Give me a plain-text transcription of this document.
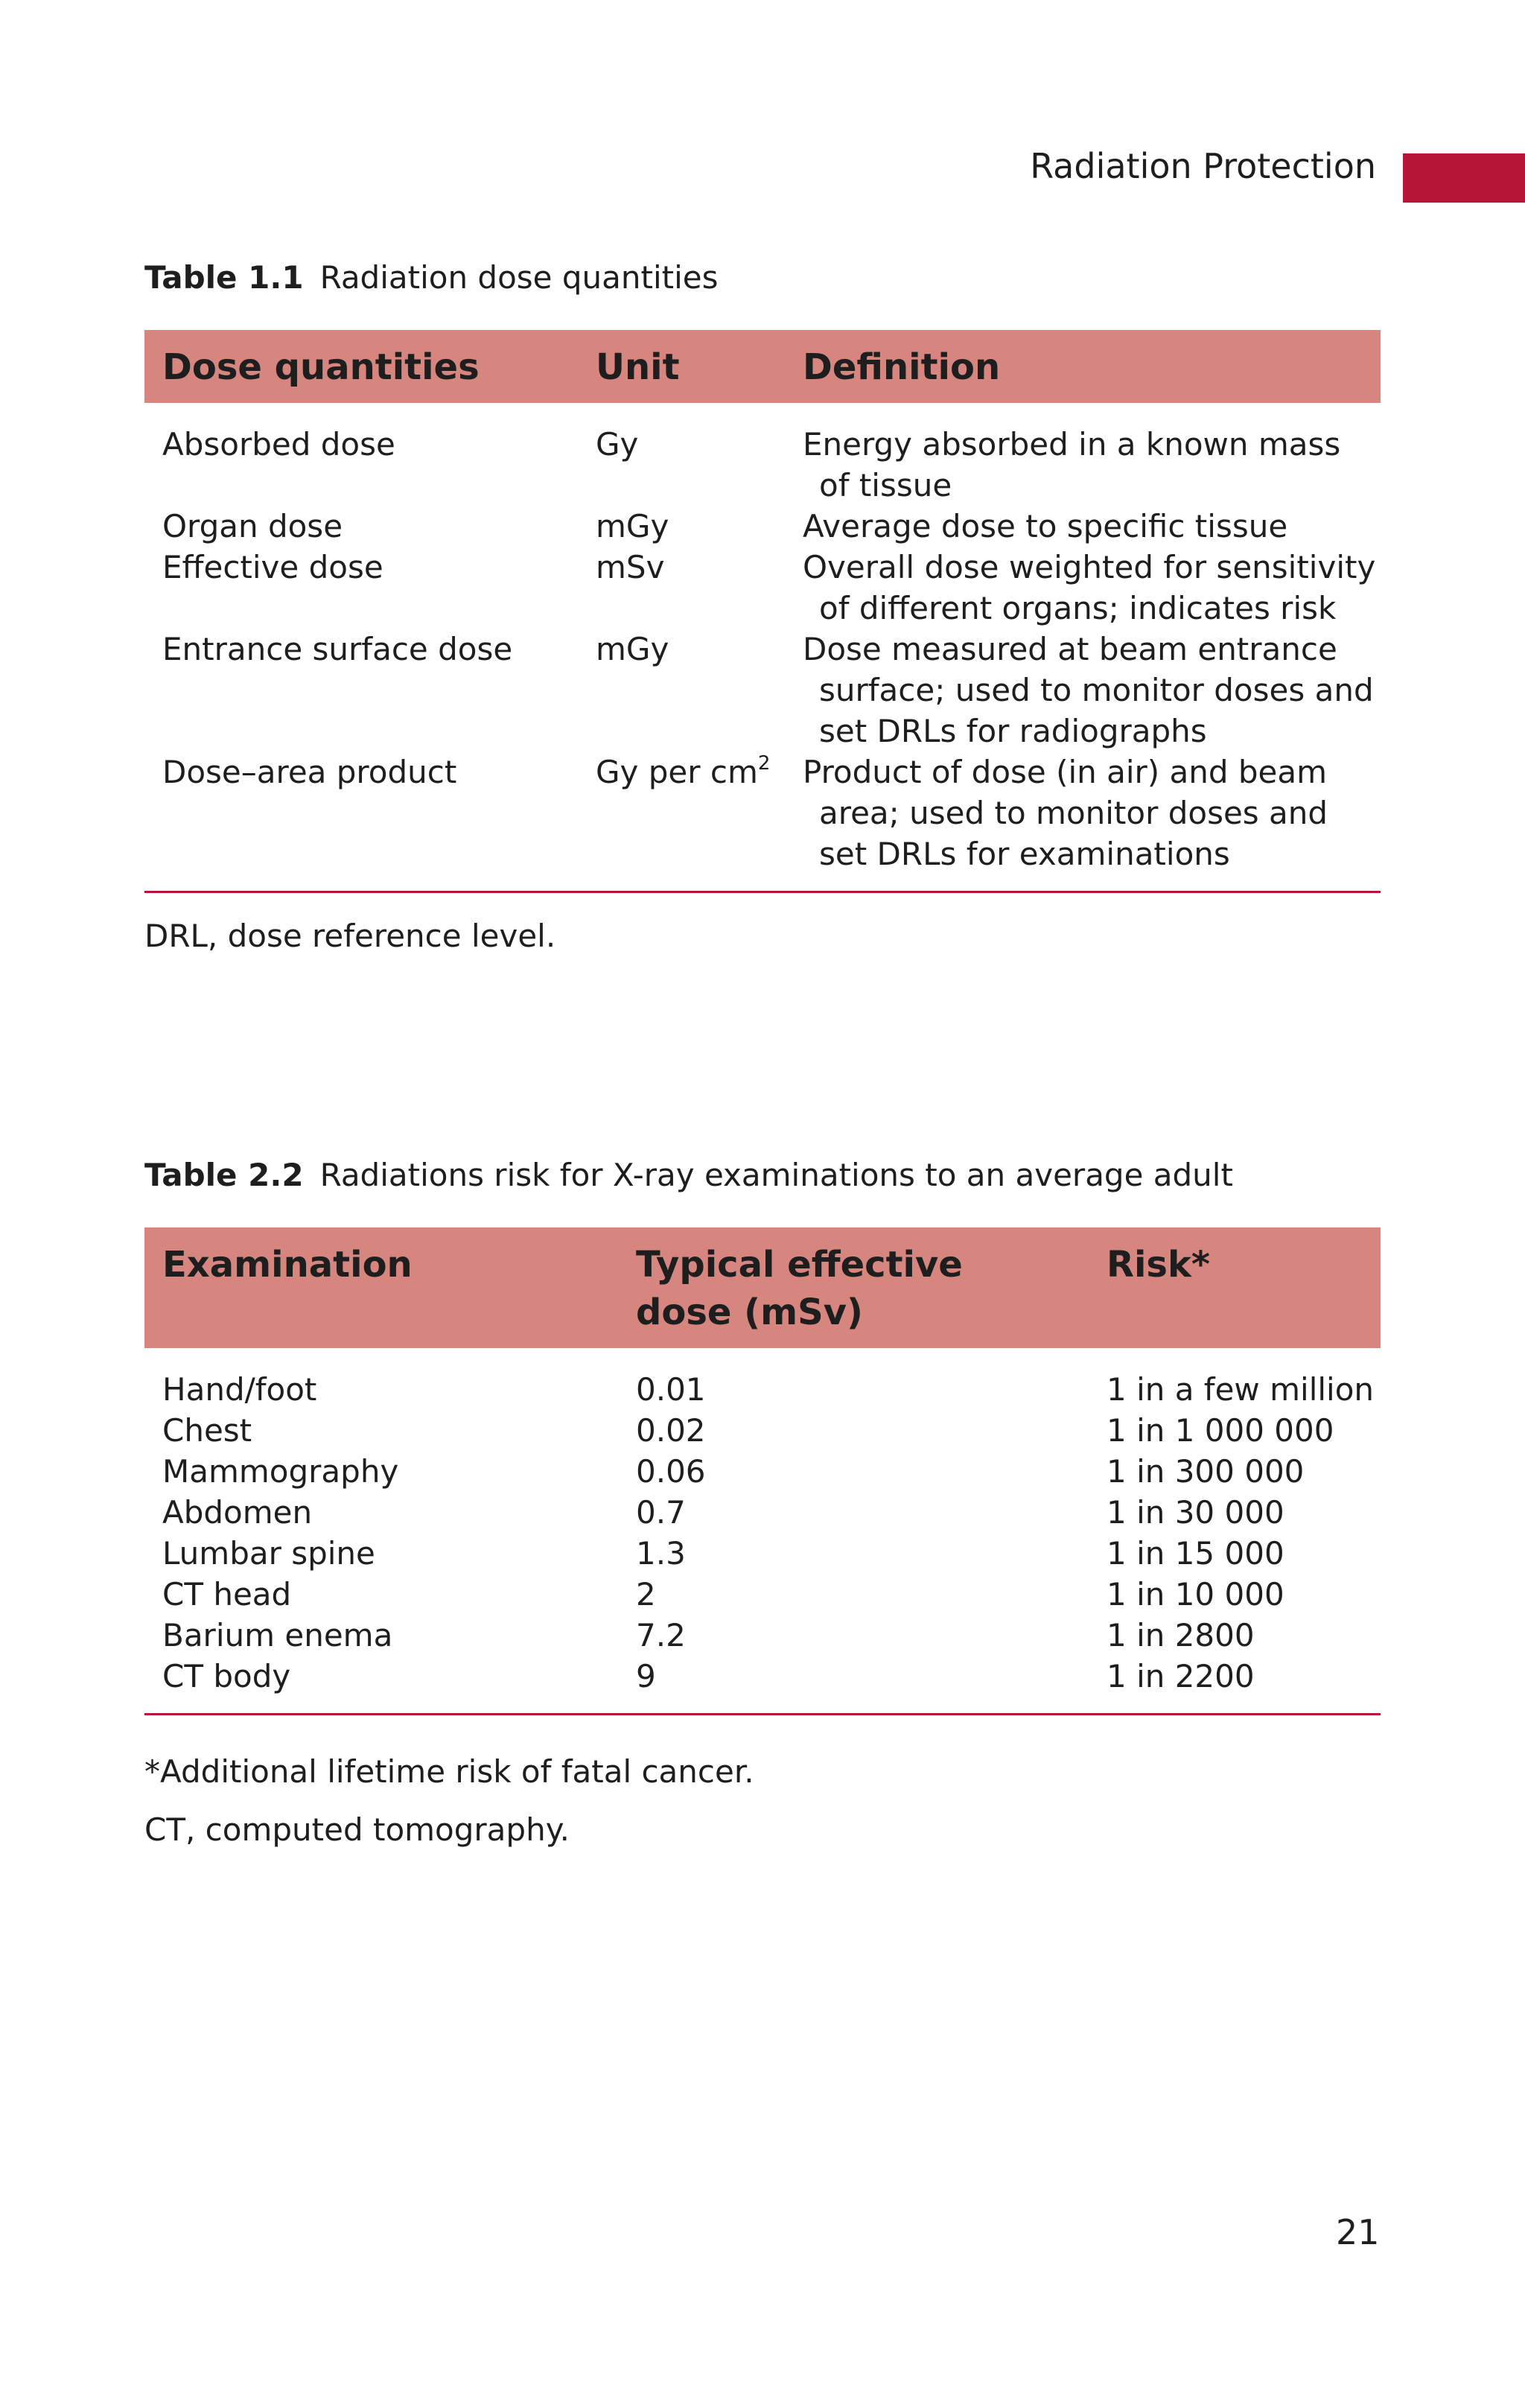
Radiation Protection
Table 1.1 Radiation dose quantities
Dose quantities	Unit	Definition
Absorbed dose	Gy	Energy absorbed in a known mass of tissue

Organ dose	mGy	Average dose to specific tissue

Effective dose	mSv	Overall dose weighted for sensitivity of different organs; indicates risk

Entrance surface dose	mGy	Dose measured at beam entrance surface; used to monitor doses and set DRLs for radiographs

Dose–area product	Gy per $cm^2$	Product of dose (in air) and beam area; used to monitor doses and set DRLs for examinations
DRL, dose reference level.
Table 2.2 Radiations risk for X-ray examinations to an average adult
Examination	Typical effective dose (mSv)	Risk*
Hand/foot	0.01	1 in a few million
Chest	0.02	1 in 1 000 000
Mammography	0.06	1 in 300 000
Abdomen	0.7	1 in 30 000
Lumbar spine	1.3	1 in 15 000
CT head	2	1 in 10 000
Barium enema	7.2	1 in 2800
CT body	9	1 in 2200
*Additional lifetime risk of fatal cancer.
CT, computed tomography.
21
